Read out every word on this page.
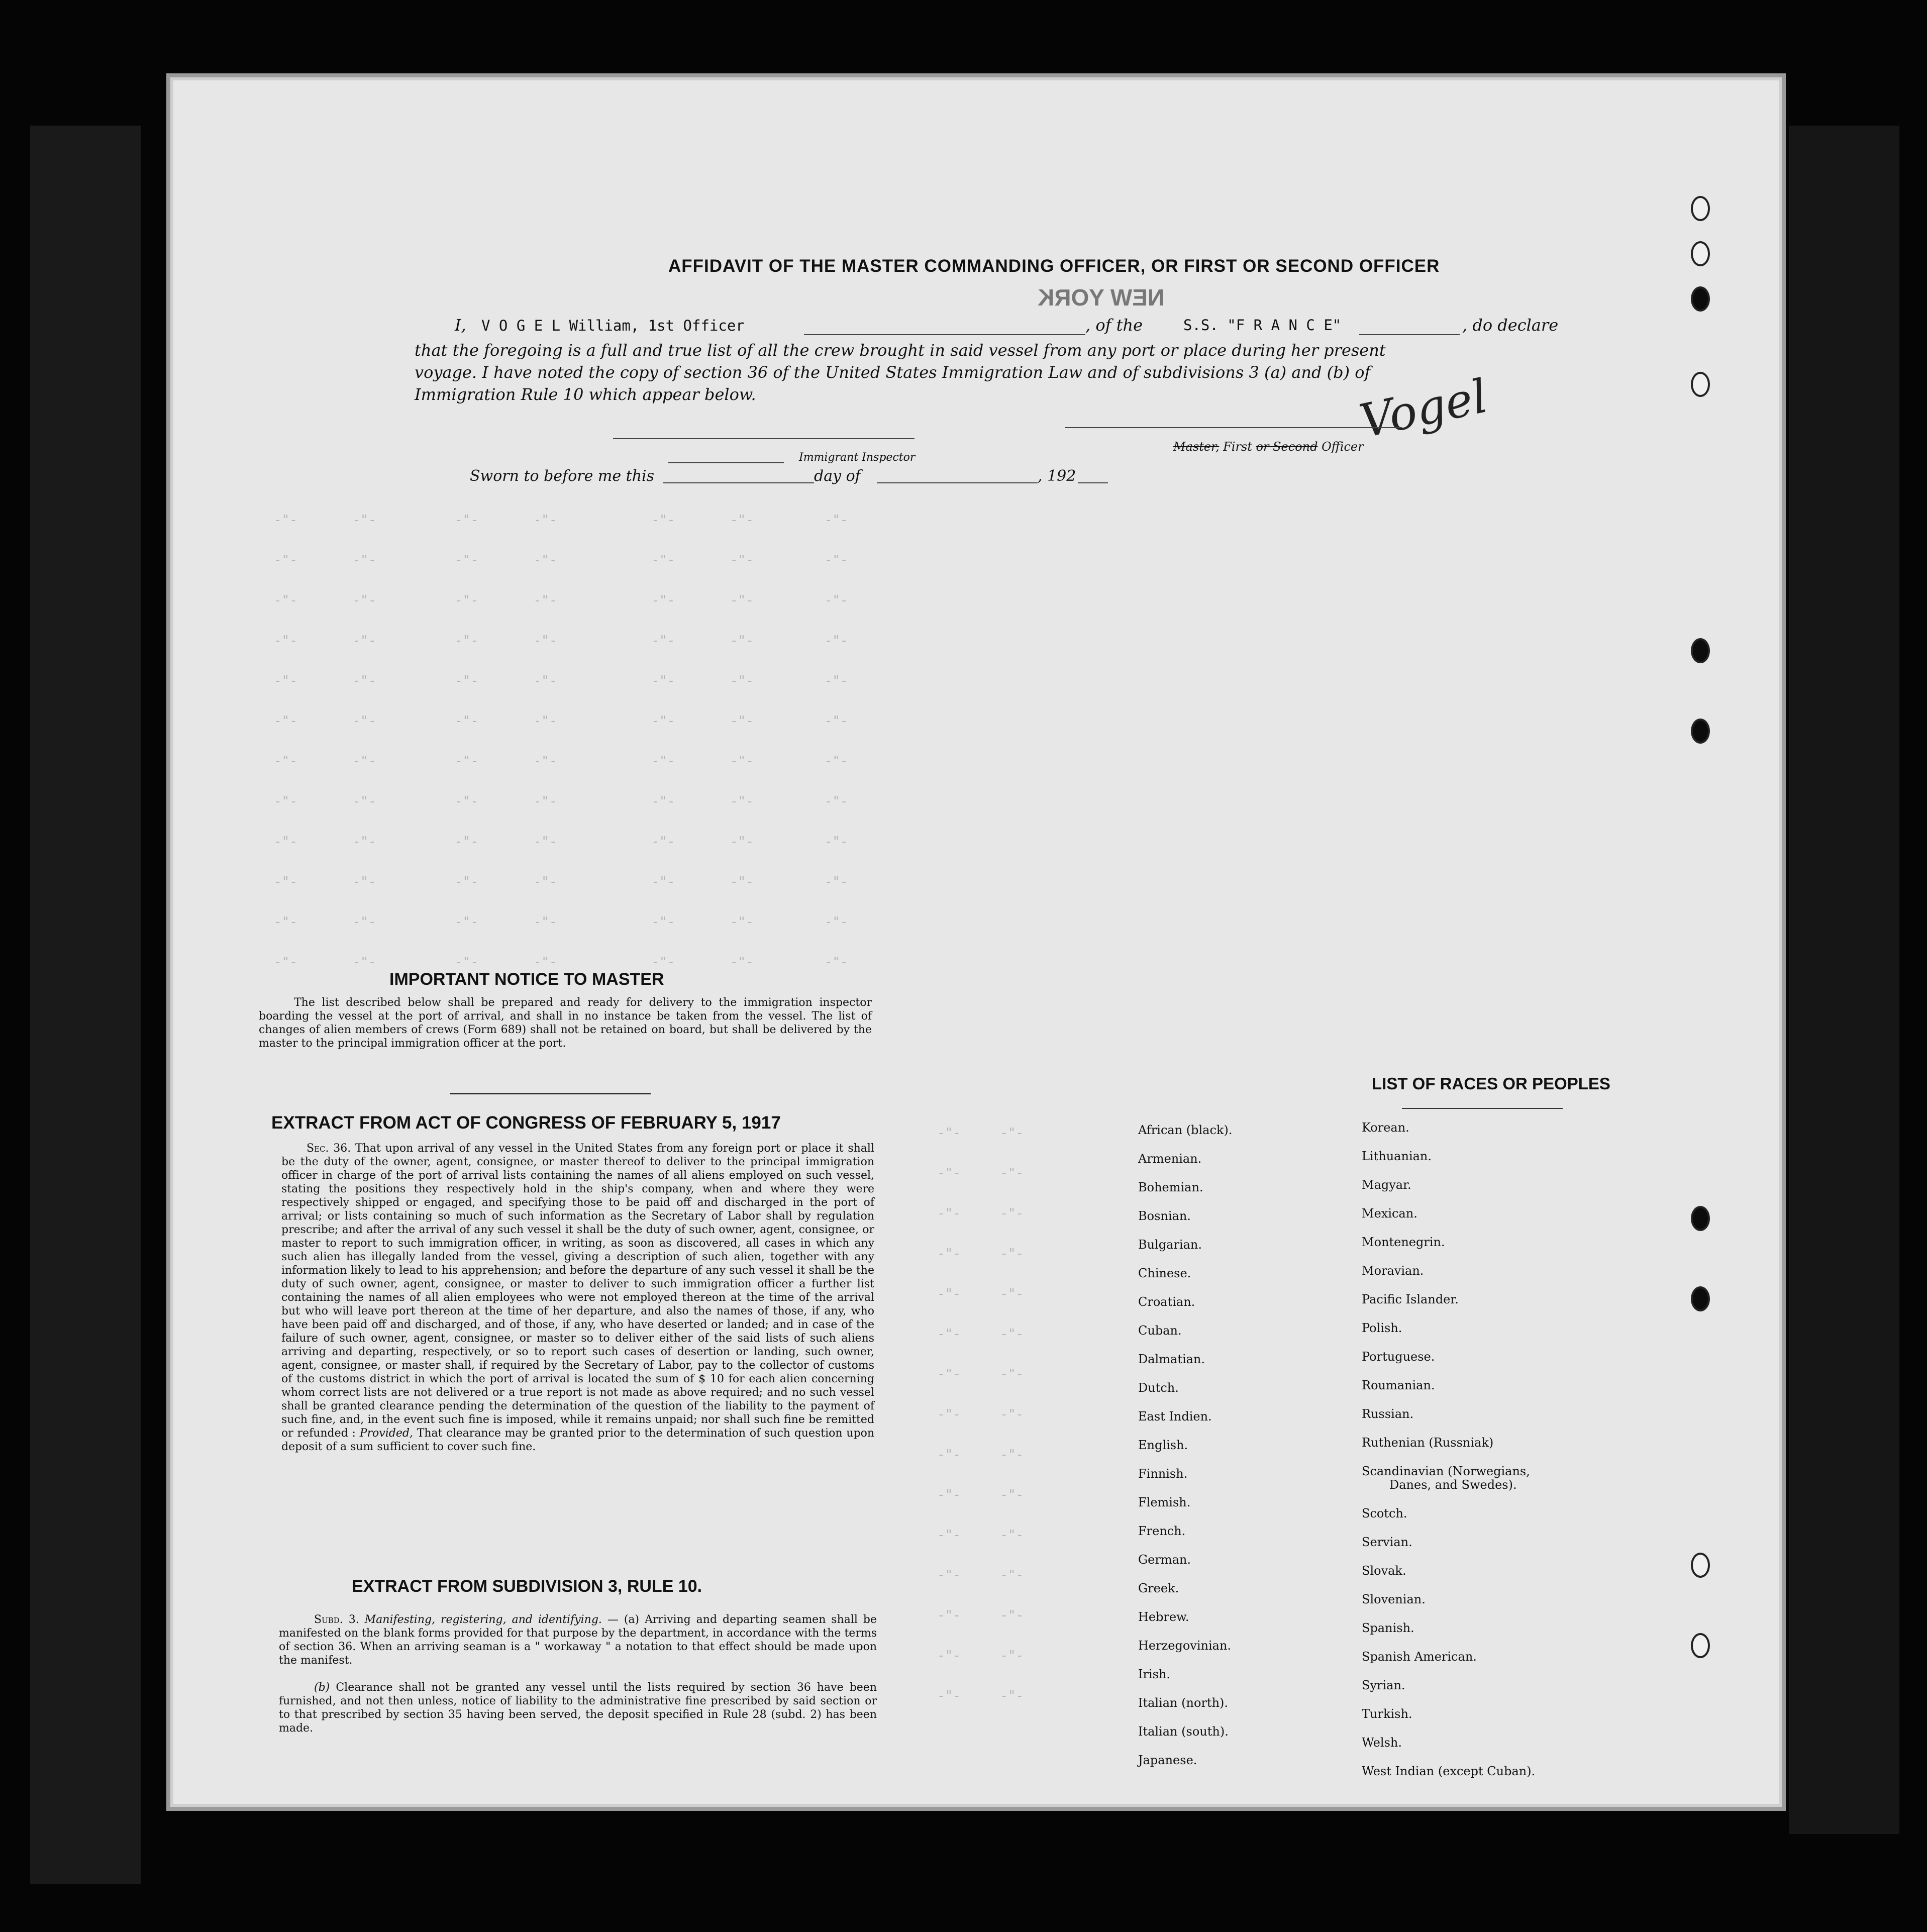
-"-       -"-          -"-       -"-            -"-       -"-         -"-
-"-       -"-          -"-       -"-            -"-       -"-         -"-
-"-       -"-          -"-       -"-            -"-       -"-         -"-
-"-       -"-          -"-       -"-            -"-       -"-         -"-
-"-       -"-          -"-       -"-            -"-       -"-         -"-
-"-       -"-          -"-       -"-            -"-       -"-         -"-
-"-       -"-          -"-       -"-            -"-       -"-         -"-
-"-       -"-          -"-       -"-            -"-       -"-         -"-
-"-       -"-          -"-       -"-            -"-       -"-         -"-
-"-       -"-          -"-       -"-            -"-       -"-         -"-
-"-       -"-          -"-       -"-            -"-       -"-         -"-
-"-       -"-          -"-       -"-            -"-       -"-         -"-
-"-     -"-
-"-     -"-
-"-     -"-
-"-     -"-
-"-     -"-
-"-     -"-
-"-     -"-
-"-     -"-
-"-     -"-
-"-     -"-
-"-     -"-
-"-     -"-
-"-     -"-
-"-     -"-
-"-     -"-
NEW YORK
AFFIDAVIT OF THE MASTER COMMANDING OFFICER, OR FIRST OR SECOND OFFICER
I, V O G E L William, 1st Officer	, of the	S.S. "F R A N C E"	, do declare
that the foregoing is a full and true list of all the crew brought in said vessel from any port or place during her present
voyage. I have noted the copy of section 36 of the United States Immigration Law and of subdivisions 3 (a) and (b) of
Immigration Rule 10 which appear below.	Vogel
Master, First or Second Officer
Sworn to before me this	day of	, 192
Immigrant Inspector
IMPORTANT NOTICE TO MASTER
The list described below shall be prepared and ready for delivery to the immigration inspector boarding the vessel at the port of arrival, and shall in no instance be taken from the vessel. The list of changes of alien members of crews (Form 689) shall not be retained on board, but shall be delivered by the master to the principal immigration officer at the port.
EXTRACT FROM ACT OF CONGRESS OF FEBRUARY 5, 1917
Sec. 36. That upon arrival of any vessel in the United States from any foreign port or place it shall be the duty of the owner, agent, consignee, or master thereof to deliver to the principal immigration officer in charge of the port of arrival lists containing the names of all aliens employed on such vessel, stating the positions they respectively hold in the ship's company, when and where they were respectively shipped or engaged, and specifying those to be paid off and discharged in the port of arrival; or lists containing so much of such information as the Secretary of Labor shall by regulation prescribe; and after the arrival of any such vessel it shall be the duty of such owner, agent, consignee, or master to report to such immigration officer, in writing, as soon as discovered, all cases in which any such alien has illegally landed from the vessel, giving a description of such alien, together with any information likely to lead to his apprehension; and before the departure of any such vessel it shall be the duty of such owner, agent, consignee, or master to deliver to such immigration officer a further list containing the names of all alien employees who were not employed thereon at the time of the arrival but who will leave port thereon at the time of her departure, and also the names of those, if any, who have been paid off and discharged, and of those, if any, who have deserted or landed; and in case of the failure of such owner, agent, consignee, or master so to deliver either of the said lists of such aliens arriving and departing, respectively, or so to report such cases of desertion or landing, such owner, agent, consignee, or master shall, if required by the Secretary of Labor, pay to the collector of customs of the customs district in which the port of arrival is located the sum of $ 10 for each alien concerning whom correct lists are not delivered or a true report is not made as above required; and no such vessel shall be granted clearance pending the determination of the question of the liability to the payment of such fine, and, in the event such fine is imposed, while it remains unpaid; nor shall such fine be remitted or refunded : Provided, That clearance may be granted prior to the determination of such question upon deposit of a sum sufficient to cover such fine.
EXTRACT FROM SUBDIVISION 3, RULE 10.
Subd. 3. Manifesting, registering, and identifying. — (a) Arriving and departing seamen shall be manifested on the blank forms provided for that purpose by the department, in accordance with the terms of section 36. When an arriving seaman is a " workaway " a notation to that effect should be made upon the manifest.
(b) Clearance shall not be granted any vessel until the lists required by section 36 have been furnished, and not then unless, notice of liability to the administrative fine prescribed by said section or to that prescribed by section 35 having been served, the deposit specified in Rule 28 (subd. 2) has been made.
LIST OF RACES OR PEOPLES
African (black).
Armenian.
Bohemian.
Bosnian.
Bulgarian.
Chinese.
Croatian.
Cuban.
Dalmatian.
Dutch.
East Indien.
English.
Finnish.
Flemish.
French.
German.
Greek.
Hebrew.
Herzegovinian.
Irish.
Italian (north).
Italian (south).
Japanese.
Korean.
Lithuanian.
Magyar.
Mexican.
Montenegrin.
Moravian.
Pacific Islander.
Polish.
Portuguese.
Roumanian.
Russian.
Ruthenian (Russniak)
Scandinavian (Norwegians,
Danes, and Swedes).
Scotch.
Servian.
Slovak.
Slovenian.
Spanish.
Spanish American.
Syrian.
Turkish.
Welsh.
West Indian (except Cuban).
